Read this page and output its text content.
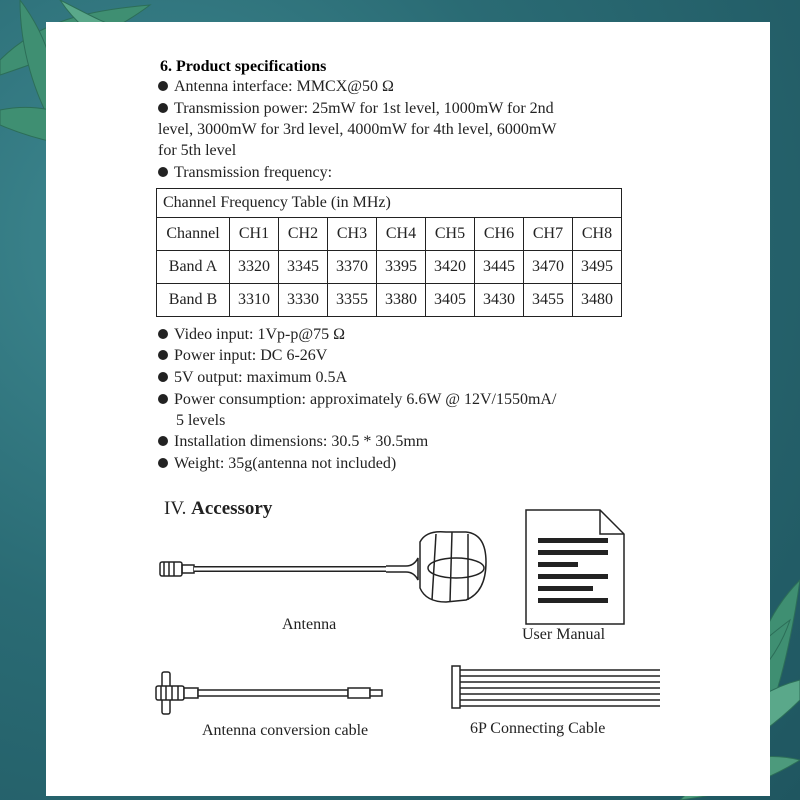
6. Product specifications
Antenna interface: MMCX@50 Ω
Transmission power: 25mW for 1st level, 1000mW for 2nd
level, 3000mW for 3rd level, 4000mW for 4th level, 6000mW
for 5th level
Transmission frequency:
Channel Frequency Table (in MHz)								
Channel	CH1	CH2	CH3	CH4	CH5	CH6	CH7	CH8
Band A	3320	3345	3370	3395	3420	3445	3470	3495
Band B	3310	3330	3355	3380	3405	3430	3455	3480
Video input: 1Vp-p@75 Ω
Power input: DC 6-26V
5V output: maximum 0.5A
Power consumption: approximately 6.6W @ 12V/1550mA/
5 levels
Installation dimensions: 30.5 * 30.5mm
Weight: 35g(antenna not included)
IV. Accessory
Antenna
User Manual
Antenna conversion cable	6P Connecting Cable
